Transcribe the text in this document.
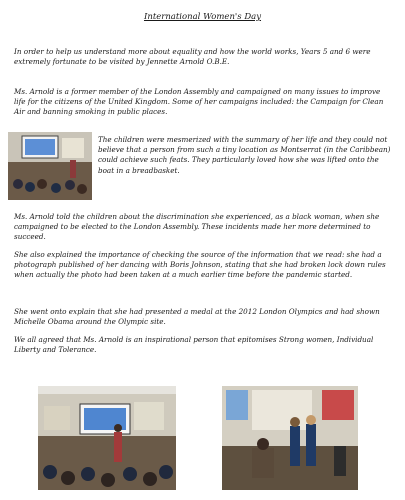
International Women's Day

In order to help us understand more about equality and how the world works, Years 5 and 6 were extremely fortunate to be visited by Jennette Arnold O.B.E.

Ms. Arnold is a former member of the London Assembly and campaigned on many issues to improve life for the citizens of the United Kingdom. Some of her campaigns included: the Campaign for Clean Air and banning smoking in public places.

The children were mesmerized with the summary of her life and they could not believe that a person from such a tiny location as Montserrat (in the Caribbean) could achieve such feats. They particularly loved how she was lifted onto the boat in a breadbasket.

Ms. Arnold told the children about the discrimination she experienced, as a black woman, when she campaigned to be elected to the London Assembly. These incidents made her more determined to succeed.

She also explained the importance of checking the source of the information that we read: she had a photograph published of her dancing with Boris Johnson, stating that she had broken lock down rules when actually the photo had been taken at a much earlier time before the pandemic started.

She went onto explain that she had presented a medal at the 2012 London Olympics and had shown Michelle Obama around the Olympic site.

We all agreed that Ms. Arnold is an inspirational person that epitomises Strong women, Individual Liberty and Tolerance.
